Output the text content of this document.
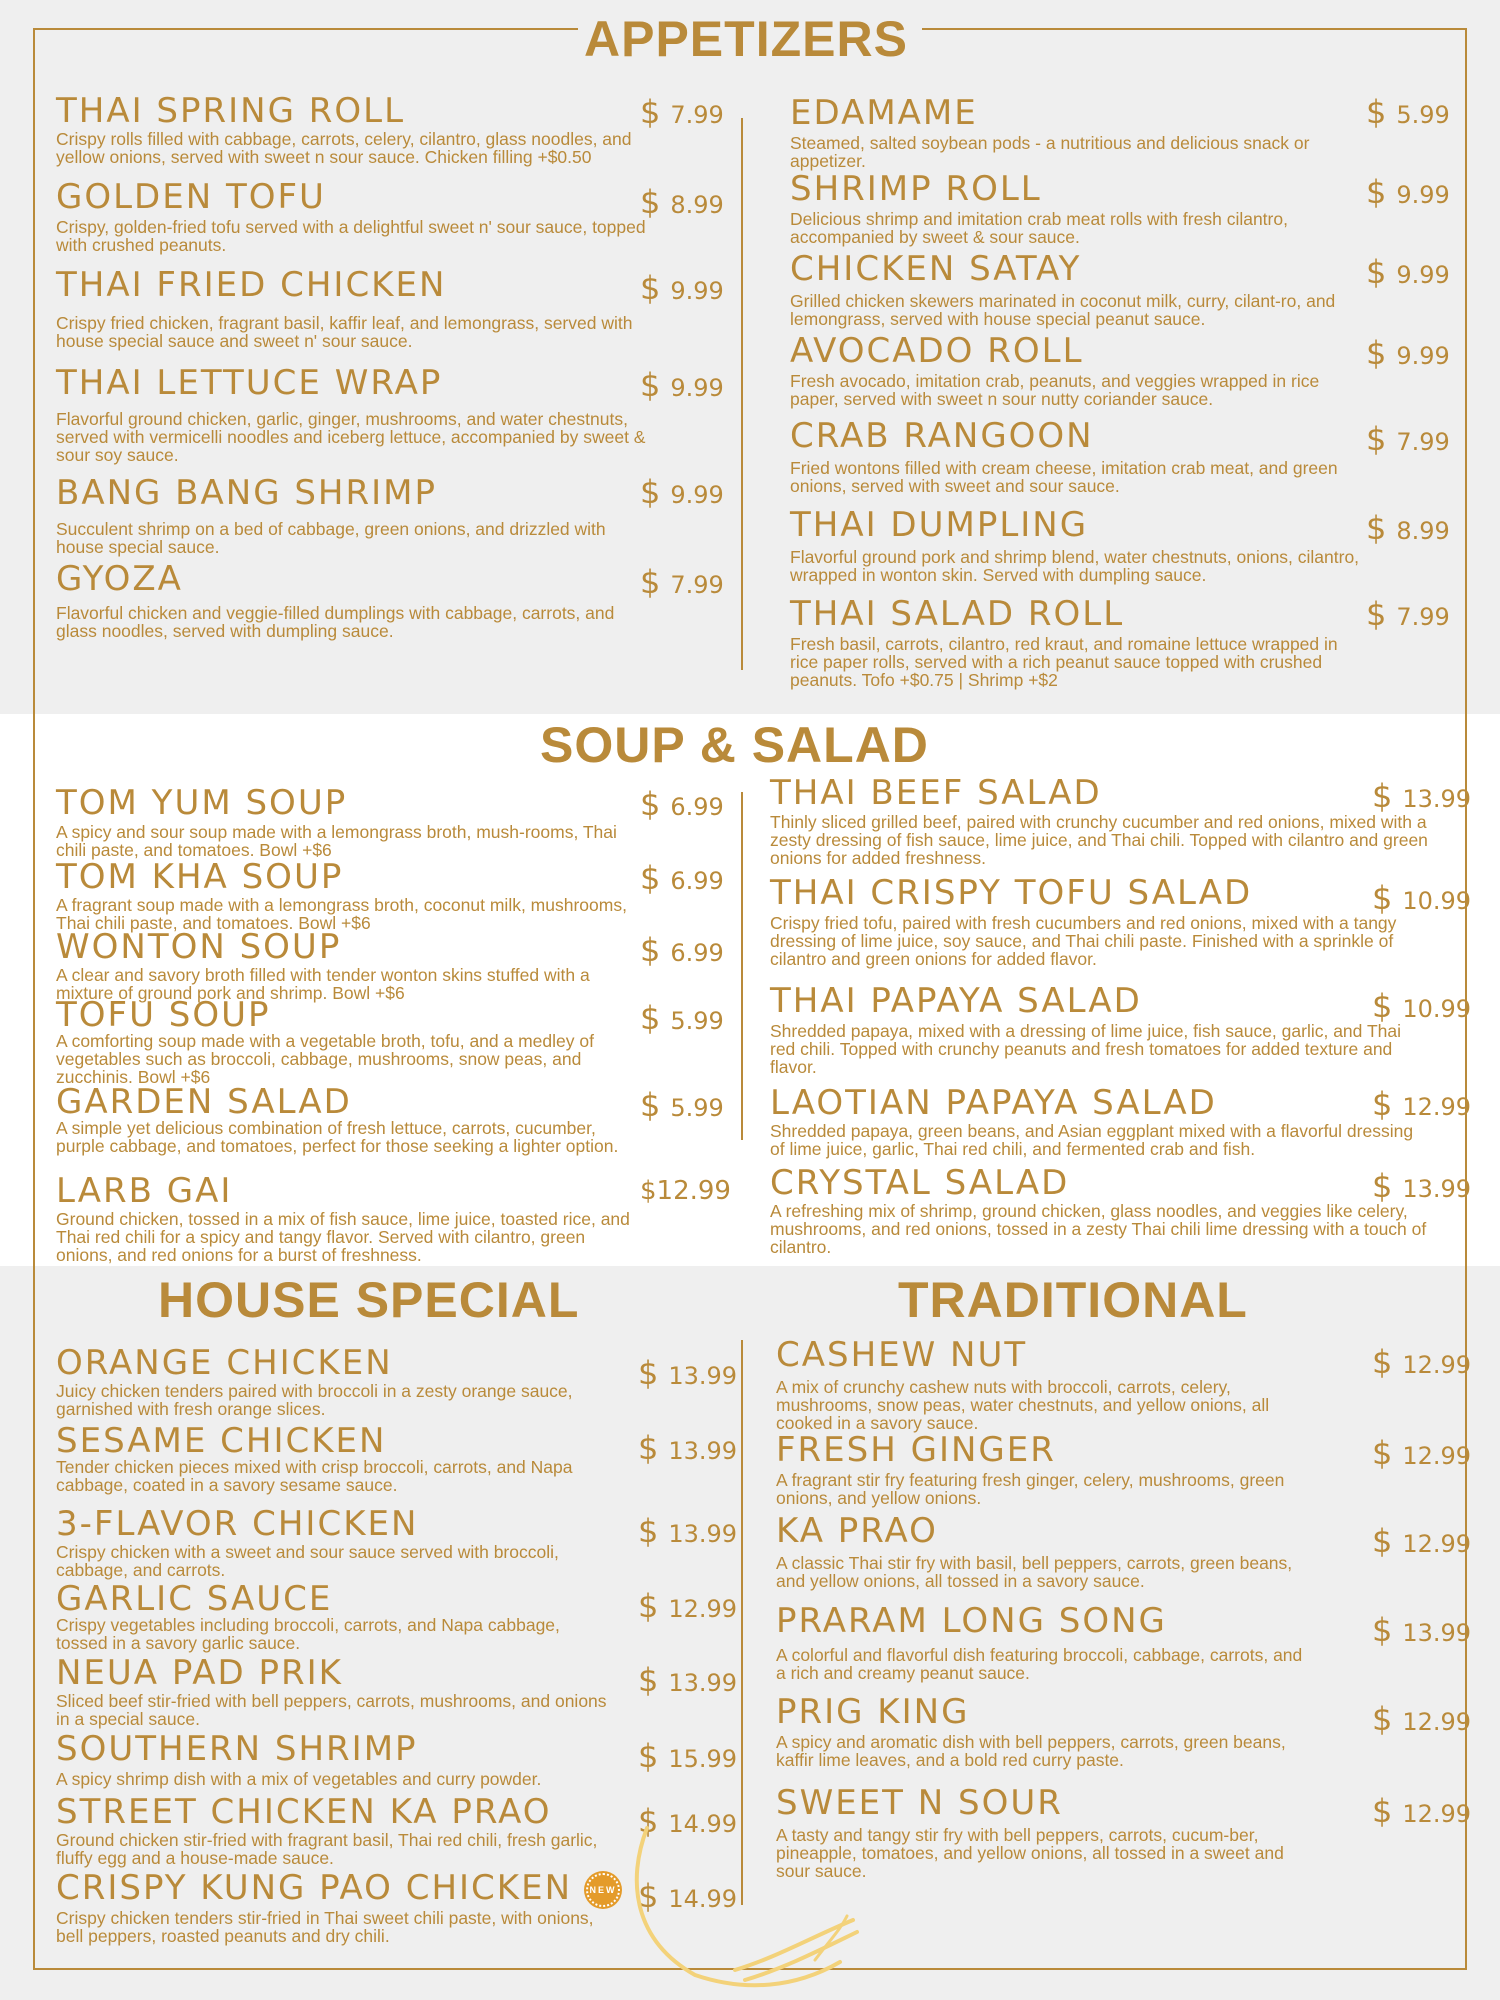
APPETIZERS
SOUP & SALAD
HOUSE SPECIAL	TRADITIONAL
THAI SPRING ROLL
Crispy rolls filled with cabbage, carrots, celery, cilantro, glass noodles, and yellow onions, served with sweet n sour sauce. Chicken filling +$0.50
$ 7.99
GOLDEN TOFU
Crispy, golden-fried tofu served with a delightful sweet n' sour sauce, topped with crushed peanuts.
$ 8.99
THAI FRIED CHICKEN
Crispy fried chicken, fragrant basil, kaffir leaf, and lemongrass, served with house special sauce and sweet n' sour sauce.
$ 9.99
THAI LETTUCE WRAP
Flavorful ground chicken, garlic, ginger, mushrooms, and water chestnuts, served with vermicelli noodles and iceberg lettuce, accompanied by sweet & sour soy sauce.
$ 9.99
BANG BANG SHRIMP
Succulent shrimp on a bed of cabbage, green onions, and drizzled with house special sauce.
$ 9.99
GYOZA
Flavorful chicken and veggie-filled dumplings with cabbage, carrots, and glass noodles, served with dumpling sauce.
$ 7.99
EDAMAME
Steamed, salted soybean pods - a nutritious and delicious snack or appetizer.
$ 5.99
SHRIMP ROLL
Delicious shrimp and imitation crab meat rolls with fresh cilantro, accompanied by sweet & sour sauce.
$ 9.99
CHICKEN SATAY
Grilled chicken skewers marinated in coconut milk, curry, cilant-ro, and lemongrass, served with house special peanut sauce.
$ 9.99
AVOCADO ROLL
Fresh avocado, imitation crab, peanuts, and veggies wrapped in rice paper, served with sweet n sour nutty coriander sauce.
$ 9.99
CRAB RANGOON
Fried wontons filled with cream cheese, imitation crab meat, and green onions, served with sweet and sour sauce.
$ 7.99
THAI DUMPLING
Flavorful ground pork and shrimp blend, water chestnuts, onions, cilantro, wrapped in wonton skin. Served with dumpling sauce.
$ 8.99
THAI SALAD ROLL
Fresh basil, carrots, cilantro, red kraut, and romaine lettuce wrapped in rice paper rolls, served with a rich peanut sauce topped with crushed peanuts. Tofo +$0.75 | Shrimp +$2
$ 7.99
TOM YUM SOUP
A spicy and sour soup made with a lemongrass broth, mush-rooms, Thai chili paste, and tomatoes. Bowl +$6
$ 6.99
TOM KHA SOUP
A fragrant soup made with a lemongrass broth, coconut milk, mushrooms, Thai chili paste, and tomatoes. Bowl +$6
$ 6.99
WONTON SOUP
A clear and savory broth filled with tender wonton skins stuffed with a mixture of ground pork and shrimp. Bowl +$6
$ 6.99
TOFU SOUP
A comforting soup made with a vegetable broth, tofu, and a medley of vegetables such as broccoli, cabbage, mushrooms, snow peas, and zucchinis. Bowl +$6
$ 5.99
GARDEN SALAD
A simple yet delicious combination of fresh lettuce, carrots, cucumber, purple cabbage, and tomatoes, perfect for those seeking a lighter option.
$ 5.99
LARB GAI
Ground chicken, tossed in a mix of fish sauce, lime juice, toasted rice, and Thai red chili for a spicy and tangy flavor. Served with cilantro, green onions, and red onions for a burst of freshness.
$12.99
THAI BEEF SALAD
Thinly sliced grilled beef, paired with crunchy cucumber and red onions, mixed with a zesty dressing of fish sauce, lime juice, and Thai chili. Topped with cilantro and green onions for added freshness.
$ 13.99
THAI CRISPY TOFU SALAD
Crispy fried tofu, paired with fresh cucumbers and red onions, mixed with a tangy dressing of lime juice, soy sauce, and Thai chili paste. Finished with a sprinkle of cilantro and green onions for added flavor.
$ 10.99
THAI PAPAYA SALAD
Shredded papaya, mixed with a dressing of lime juice, fish sauce, garlic, and Thai red chili. Topped with crunchy peanuts and fresh tomatoes for added texture and flavor.
$ 10.99
LAOTIAN PAPAYA SALAD
Shredded papaya, green beans, and Asian eggplant mixed with a flavorful dressing of lime juice, garlic, Thai red chili, and fermented crab and fish.
$ 12.99
CRYSTAL SALAD
A refreshing mix of shrimp, ground chicken, glass noodles, and veggies like celery, mushrooms, and red onions, tossed in a zesty Thai chili lime dressing with a touch of cilantro.
$ 13.99
ORANGE CHICKEN
Juicy chicken tenders paired with broccoli in a zesty orange sauce, garnished with fresh orange slices.
$ 13.99
SESAME CHICKEN
Tender chicken pieces mixed with crisp broccoli, carrots, and Napa cabbage, coated in a savory sesame sauce.
$ 13.99
3-FLAVOR CHICKEN
Crispy chicken with a sweet and sour sauce served with broccoli, cabbage, and carrots.
$ 13.99
GARLIC SAUCE
Crispy vegetables including broccoli, carrots, and Napa cabbage, tossed in a savory garlic sauce.
$ 12.99
NEUA PAD PRIK
Sliced beef stir-fried with bell peppers, carrots, mushrooms, and onions in a special sauce.
$ 13.99
SOUTHERN SHRIMP
A spicy shrimp dish with a mix of vegetables and curry powder.
$ 15.99
STREET CHICKEN KA PRAO
Ground chicken stir-fried with fragrant basil, Thai red chili, fresh garlic, fluffy egg and a house-made sauce.
$ 14.99
CRISPY KUNG PAO CHICKEN NEW
Crispy chicken tenders stir-fried in Thai sweet chili paste, with onions, bell peppers, roasted peanuts and dry chili.
$ 14.99
CASHEW NUT
A mix of crunchy cashew nuts with broccoli, carrots, celery, mushrooms, snow peas, water chestnuts, and yellow onions, all cooked in a savory sauce.
$ 12.99
FRESH GINGER
A fragrant stir fry featuring fresh ginger, celery, mushrooms, green onions, and yellow onions.
$ 12.99
KA PRAO
A classic Thai stir fry with basil, bell peppers, carrots, green beans, and yellow onions, all tossed in a savory sauce.
$ 12.99
PRARAM LONG SONG
A colorful and flavorful dish featuring broccoli, cabbage, carrots, and a rich and creamy peanut sauce.
$ 13.99
PRIG KING
A spicy and aromatic dish with bell peppers, carrots, green beans, kaffir lime leaves, and a bold red curry paste.
$ 12.99
SWEET N SOUR
A tasty and tangy stir fry with bell peppers, carrots, cucum-ber, pineapple, tomatoes, and yellow onions, all tossed in a sweet and sour sauce.
$ 12.99
